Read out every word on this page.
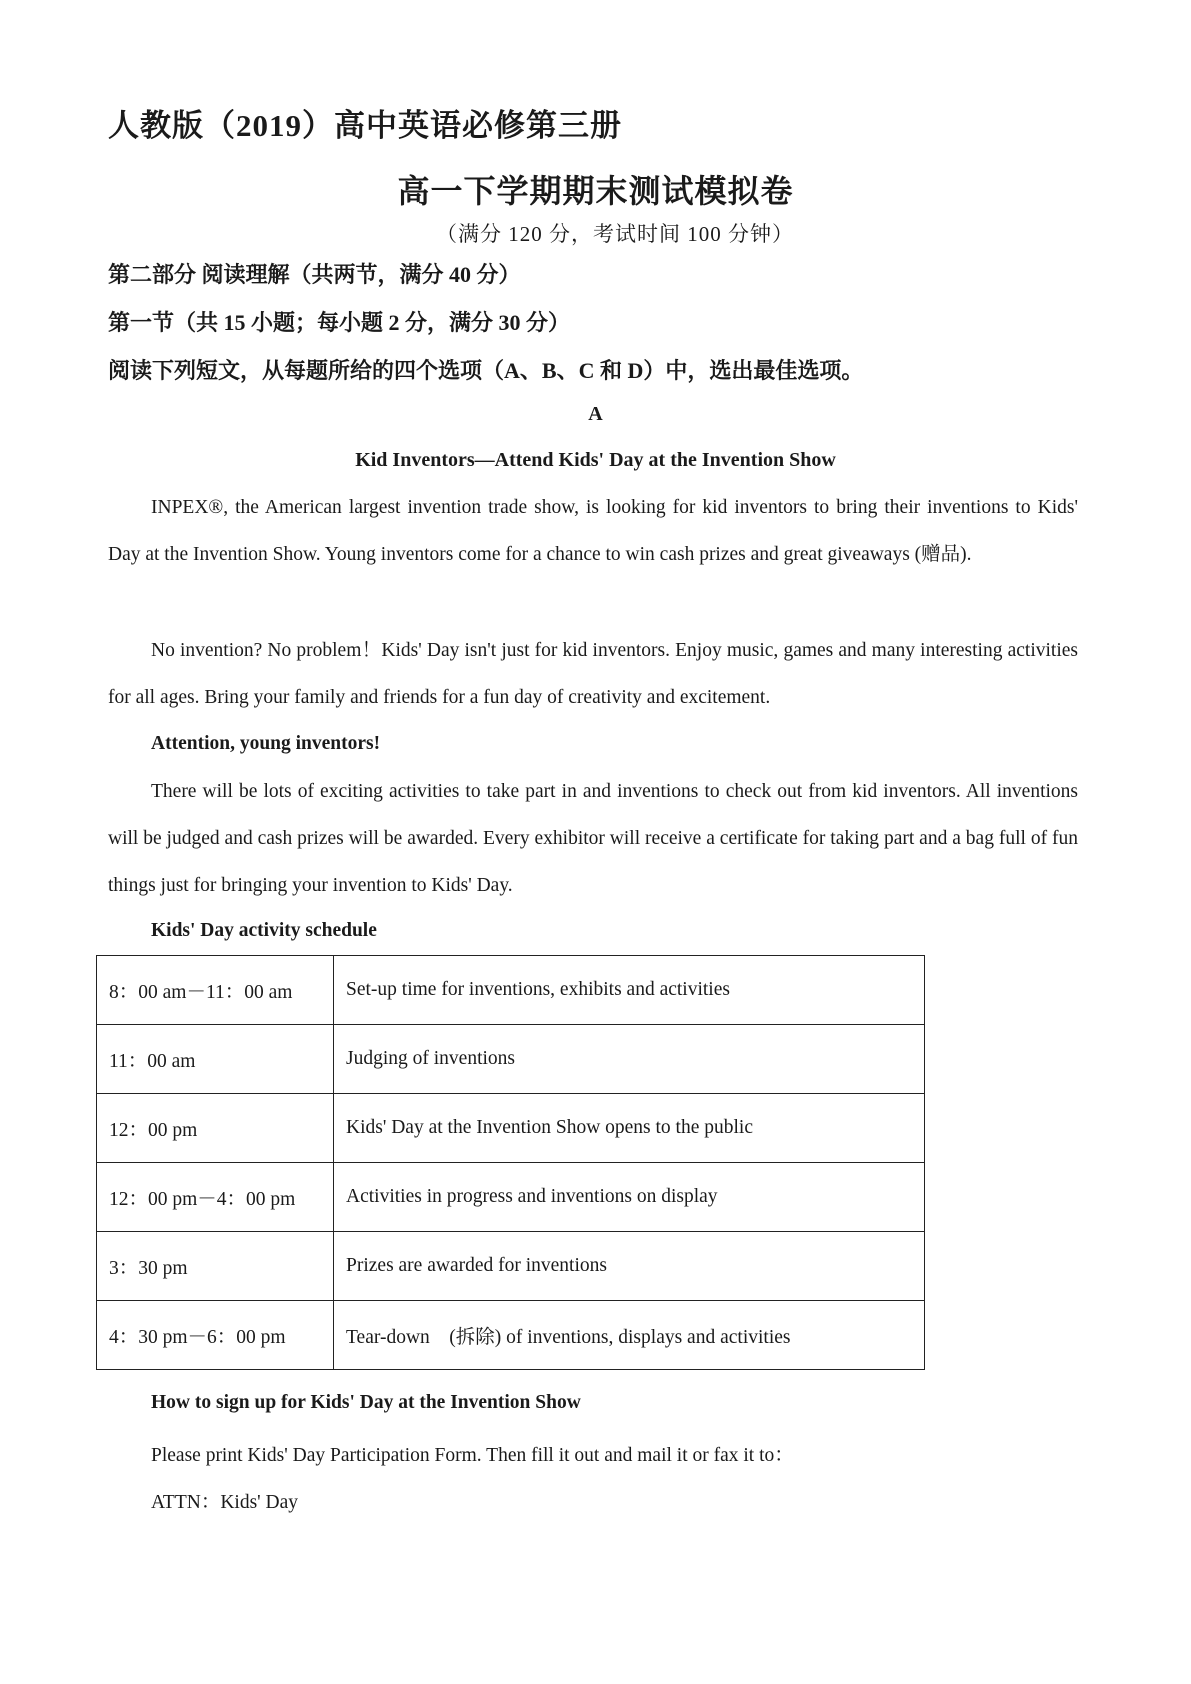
人教版（2019）高中英语必修第三册
高一下学期期末测试模拟卷

（满分 120 分，考试时间 100 分钟）

第二部分 阅读理解（共两节，满分 40 分）

第一节（共 15 小题；每小题 2 分，满分 30 分）

阅读下列短文，从每题所给的四个选项（A、B、C 和 D）中，选出最佳选项。

A

Kid Inventors—Attend Kids' Day at the Invention Show

INPEX®, the American largest invention trade show, is looking for kid inventors to bring their inventions to Kids' Day at the Invention Show. Young inventors come for a chance to win cash prizes and great giveaways (赠品).

No invention? No problem！Kids' Day isn't just for kid inventors. Enjoy music, games and many interesting activities for all ages. Bring your family and friends for a fun day of creativity and excitement.

Attention, young inventors!

There will be lots of exciting activities to take part in and inventions to check out from kid inventors. All inventions will be judged and cash prizes will be awarded. Every exhibitor will receive a certificate for taking part and a bag full of fun things just for bringing your invention to Kids' Day.

Kids' Day activity schedule

8：00 am－11：00 am	Set-up time for inventions, exhibits and activities
11：00 am	Judging of inventions
12：00 pm	Kids' Day at the Invention Show opens to the public
12：00 pm－4：00 pm	Activities in progress and inventions on display
3：30 pm	Prizes are awarded for inventions
4：30 pm－6：00 pm	Tear-down　(拆除) of inventions, displays and activities

How to sign up for Kids' Day at the Invention Show

Please print Kids' Day Participation Form. Then fill it out and mail it or fax it to：

ATTN：Kids' Day
